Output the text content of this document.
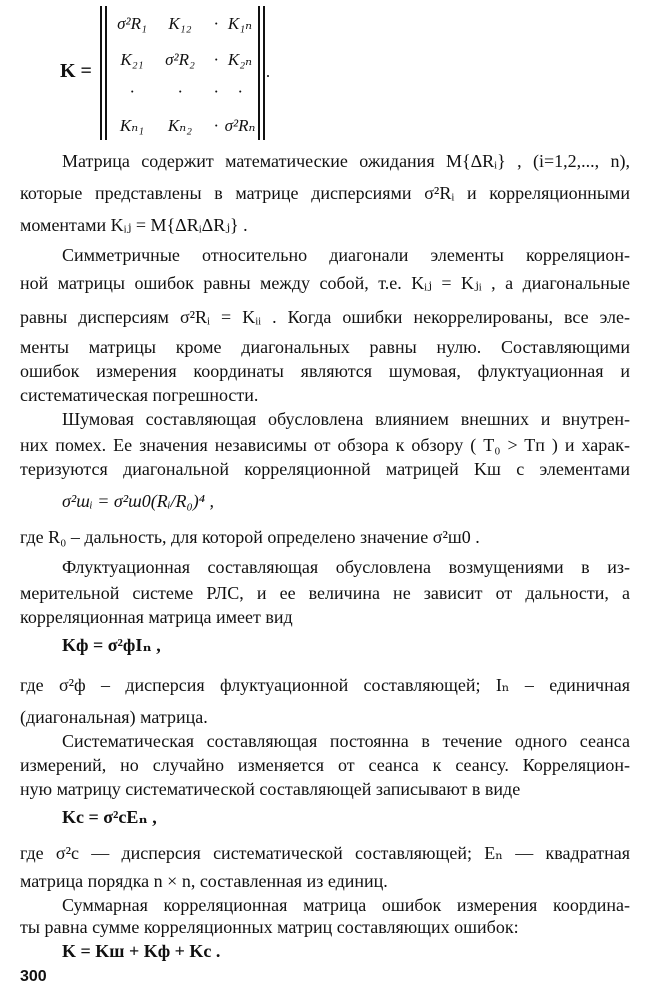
K =
σ²R₁	K₁₂	· K₁ₙ
K₂₁	σ²R₂	· K₂ₙ
·	·	·	·
Kₙ₁	Kₙ₂	· σ²Rₙ
.
Матрица содержит математические ожидания M{ΔRᵢ} , (i=1,2,..., n),
которые представлены в матрице дисперсиями σ²Rᵢ и корреляционными
моментами Kᵢⱼ = M{ΔRᵢΔRⱼ} .
Симметричные относительно диагонали элементы корреляцион-
ной матрицы ошибок равны между собой, т.е. Kᵢⱼ = Kⱼᵢ , а диагональные
равны дисперсиям σ²Rᵢ = Kᵢᵢ . Когда ошибки некоррелированы, все эле-
менты матрицы кроме диагональных равны нулю. Составляющими
ошибок измерения координаты являются шумовая, флуктуационная и
систематическая погрешности.
Шумовая составляющая обусловлена влиянием внешних и внутрен-
них помех. Ее значения независимы от обзора к обзору ( T₀ > Tп ) и харак-
теризуются диагональной корреляционной матрицей Kш с элементами
σ²шᵢ = σ²ш0(Rᵢ/R₀)⁴ ,
где R₀ – дальность, для которой определено значение σ²ш0 .
Флуктуационная составляющая обусловлена возмущениями в из-
мерительной системе РЛС, и ее величина не зависит от дальности, а
корреляционная матрица имеет вид
Kф = σ²фIₙ ,
где σ²ф – дисперсия флуктуационной составляющей; Iₙ – единичная
(диагональная) матрица.
Систематическая составляющая постоянна в течение одного сеанса
измерений, но случайно изменяется от сеанса к сеансу. Корреляцион-
ную матрицу систематической составляющей записывают в виде
Kc = σ²cEₙ ,
где σ²c — дисперсия систематической составляющей; Eₙ — квадратная
матрица порядка n × n, составленная из единиц.
Суммарная корреляционная матрица ошибок измерения координа-
ты равна сумме корреляционных матриц составляющих ошибок:
K = Kш + Kф + Kc .
300
